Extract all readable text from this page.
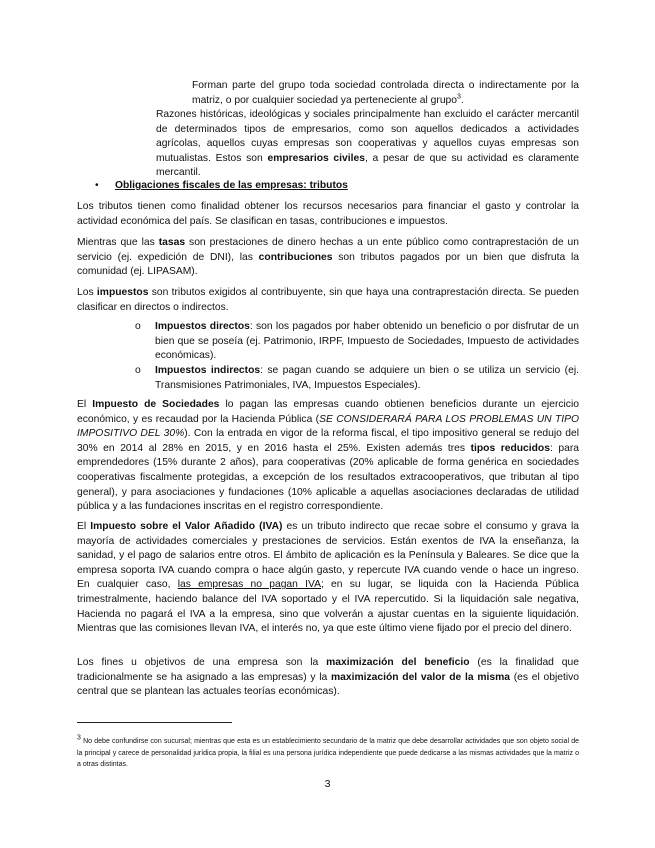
Forman parte del grupo toda sociedad controlada directa o indirectamente por la matriz, o por cualquier sociedad ya perteneciente al grupo$^3$.

Razones históricas, ideológicas y sociales principalmente han excluido el carácter mercantil de determinados tipos de empresarios, como son aquellos dedicados a actividades agrícolas, aquellos cuyas empresas son cooperativas y aquellos cuyas empresas son mutualistas. Estos son empresarios civiles, a pesar de que su actividad es claramente mercantil.

•	Obligaciones fiscales de las empresas: tributos

Los tributos tienen como finalidad obtener los recursos necesarios para financiar el gasto y controlar la actividad económica del país. Se clasifican en tasas, contribuciones e impuestos.

Mientras que las tasas son prestaciones de dinero hechas a un ente público como contraprestación de un servicio (ej. expedición de DNI), las contribuciones son tributos pagados por un bien que disfruta la comunidad (ej. LIPASAM).

Los impuestos son tributos exigidos al contribuyente, sin que haya una contraprestación directa. Se pueden clasificar en directos o indirectos.

o Impuestos directos: son los pagados por haber obtenido un beneficio o por disfrutar de un bien que se poseía (ej. Patrimonio, IRPF, Impuesto de Sociedades, Impuesto de actividades económicas).
o Impuestos indirectos: se pagan cuando se adquiere un bien o se utiliza un servicio (ej. Transmisiones Patrimoniales, IVA, Impuestos Especiales).

El Impuesto de Sociedades lo pagan las empresas cuando obtienen beneficios durante un ejercicio económico, y es recaudad por la Hacienda Pública (SE CONSIDERARÁ PARA LOS PROBLEMAS UN TIPO IMPOSITIVO DEL 30%). Con la entrada en vigor de la reforma fiscal, el tipo impositivo general se redujo del 30% en 2014 al 28% en 2015, y en 2016 hasta el 25%. Existen además tres tipos reducidos: para emprendedores (15% durante 2 años), para cooperativas (20% aplicable de forma genérica en sociedades cooperativas fiscalmente protegidas, a excepción de los resultados extracooperativos, que tributan al tipo general), y para asociaciones y fundaciones (10% aplicable a aquellas asociaciones declaradas de utilidad pública y a las fundaciones inscritas en el registro correspondiente.

El Impuesto sobre el Valor Añadido (IVA) es un tributo indirecto que recae sobre el consumo y grava la mayoría de actividades comerciales y prestaciones de servicios. Están exentos de IVA la enseñanza, la sanidad, y el pago de salarios entre otros. El ámbito de aplicación es la Península y Baleares. Se dice que la empresa soporta IVA cuando compra o hace algún gasto, y repercute IVA cuando vende o hace un ingreso. En cualquier caso, las empresas no pagan IVA; en su lugar, se liquida con la Hacienda Pública trimestralmente, haciendo balance del IVA soportado y el IVA repercutido. Si la liquidación sale negativa, Hacienda no pagará el IVA a la empresa, sino que volverán a ajustar cuentas en la siguiente liquidación. Mientras que las comisiones llevan IVA, el interés no, ya que este último viene fijado por el precio del dinero.

Los fines u objetivos de una empresa son la maximización del beneficio (es la finalidad que tradicionalmente se ha asignado a las empresas) y la maximización del valor de la misma (es el objetivo central que se plantean las actuales teorías económicas).

$^3$ No debe confundirse con sucursal; mientras que esta es un establecimiento secundario de la matriz que debe desarrollar actividades que son objeto social de la principal y carece de personalidad jurídica propia, la filial es una persona jurídica independiente que puede dedicarse a las mismas actividades que la matriz o a otras distintas.
3
